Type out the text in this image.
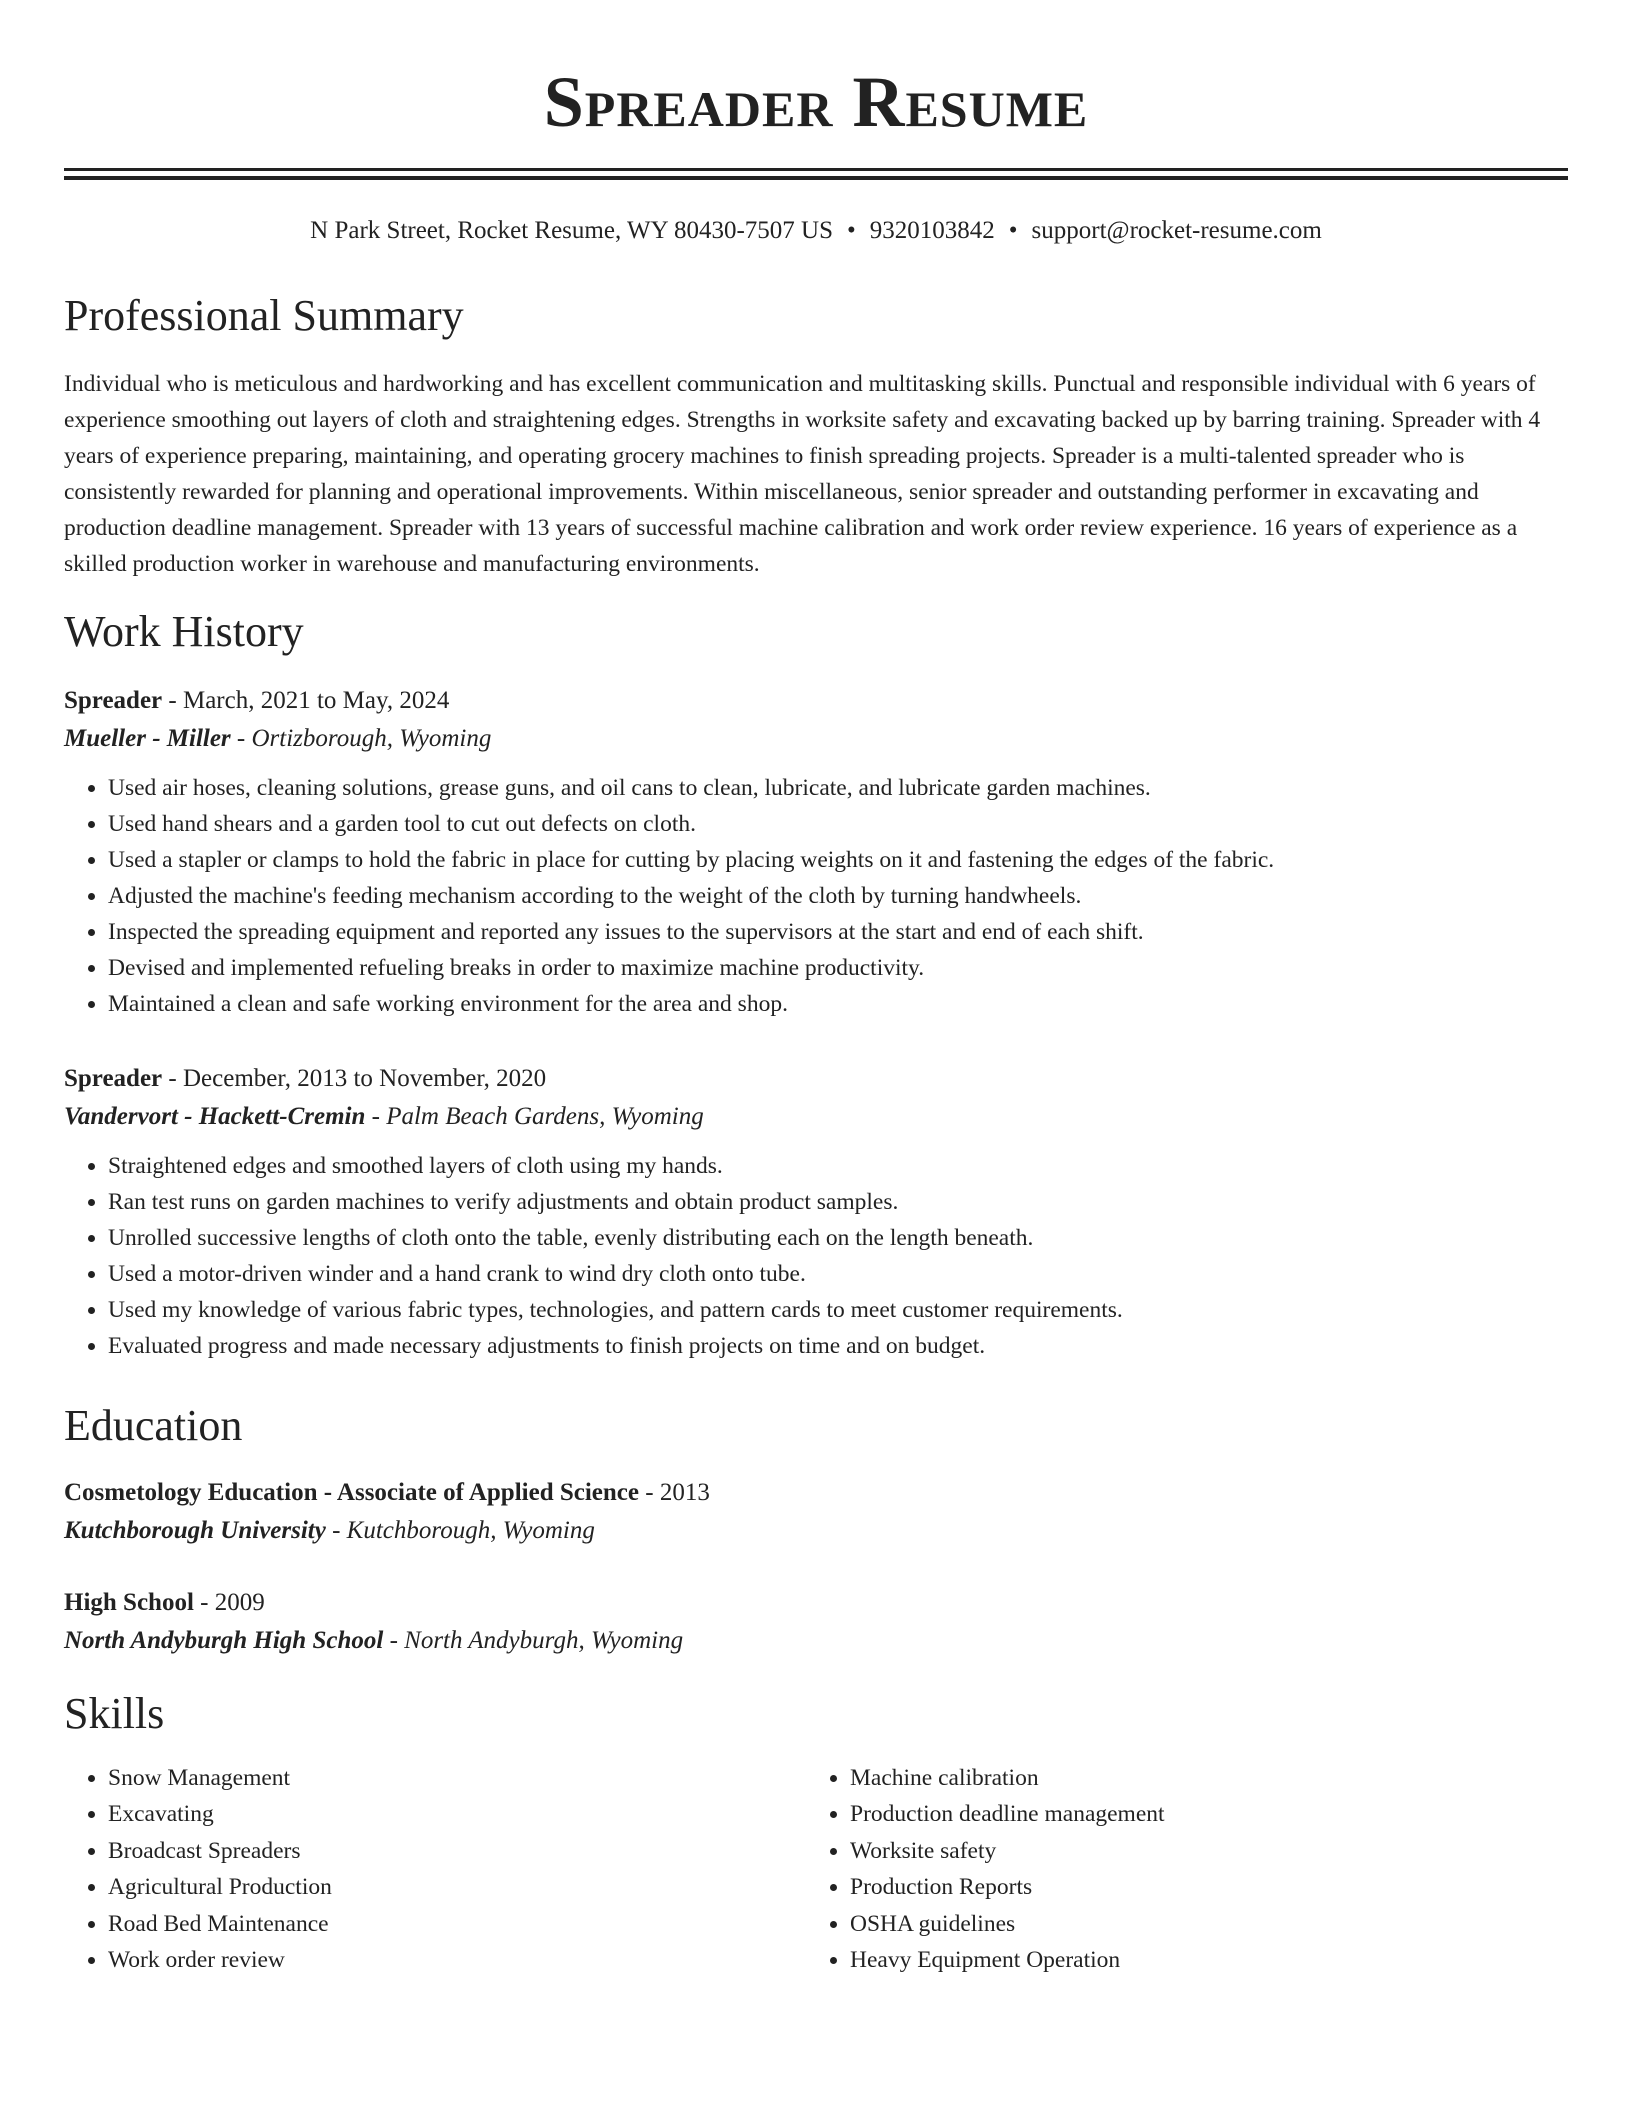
Spreader Resume
N Park Street, Rocket Resume, WY 80430-7507 US • 9320103842 • support@rocket-resume.com
Professional Summary

Individual who is meticulous and hardworking and has excellent communication and multitasking skills. Punctual and responsible individual with 6 years of experience smoothing out layers of cloth and straightening edges. Strengths in worksite safety and excavating backed up by barring training. Spreader with 4 years of experience preparing, maintaining, and operating grocery machines to finish spreading projects. Spreader is a multi-talented spreader who is consistently rewarded for planning and operational improvements. Within miscellaneous, senior spreader and outstanding performer in excavating and production deadline management. Spreader with 13 years of successful machine calibration and work order review experience. 16 years of experience as a skilled production worker in warehouse and manufacturing environments.

Work History

Spreader - March, 2021 to May, 2024

Mueller - Miller - Ortizborough, Wyoming

• Used air hoses, cleaning solutions, grease guns, and oil cans to clean, lubricate, and lubricate garden machines.
• Used hand shears and a garden tool to cut out defects on cloth.
• Used a stapler or clamps to hold the fabric in place for cutting by placing weights on it and fastening the edges of the fabric.
• Adjusted the machine's feeding mechanism according to the weight of the cloth by turning handwheels.
• Inspected the spreading equipment and reported any issues to the supervisors at the start and end of each shift.
• Devised and implemented refueling breaks in order to maximize machine productivity.
• Maintained a clean and safe working environment for the area and shop.

Spreader - December, 2013 to November, 2020

Vandervort - Hackett-Cremin - Palm Beach Gardens, Wyoming

• Straightened edges and smoothed layers of cloth using my hands.
• Ran test runs on garden machines to verify adjustments and obtain product samples.
• Unrolled successive lengths of cloth onto the table, evenly distributing each on the length beneath.
• Used a motor-driven winder and a hand crank to wind dry cloth onto tube.
• Used my knowledge of various fabric types, technologies, and pattern cards to meet customer requirements.
• Evaluated progress and made necessary adjustments to finish projects on time and on budget.
Education

Cosmetology Education - Associate of Applied Science - 2013

Kutchborough University - Kutchborough, Wyoming

High School - 2009

North Andyburgh High School - North Andyburgh, Wyoming

Skills
• Snow Management
• Excavating
• Broadcast Spreaders
• Agricultural Production
• Road Bed Maintenance
• Work order review
• Machine calibration
• Production deadline management
• Worksite safety
• Production Reports
• OSHA guidelines
• Heavy Equipment Operation
